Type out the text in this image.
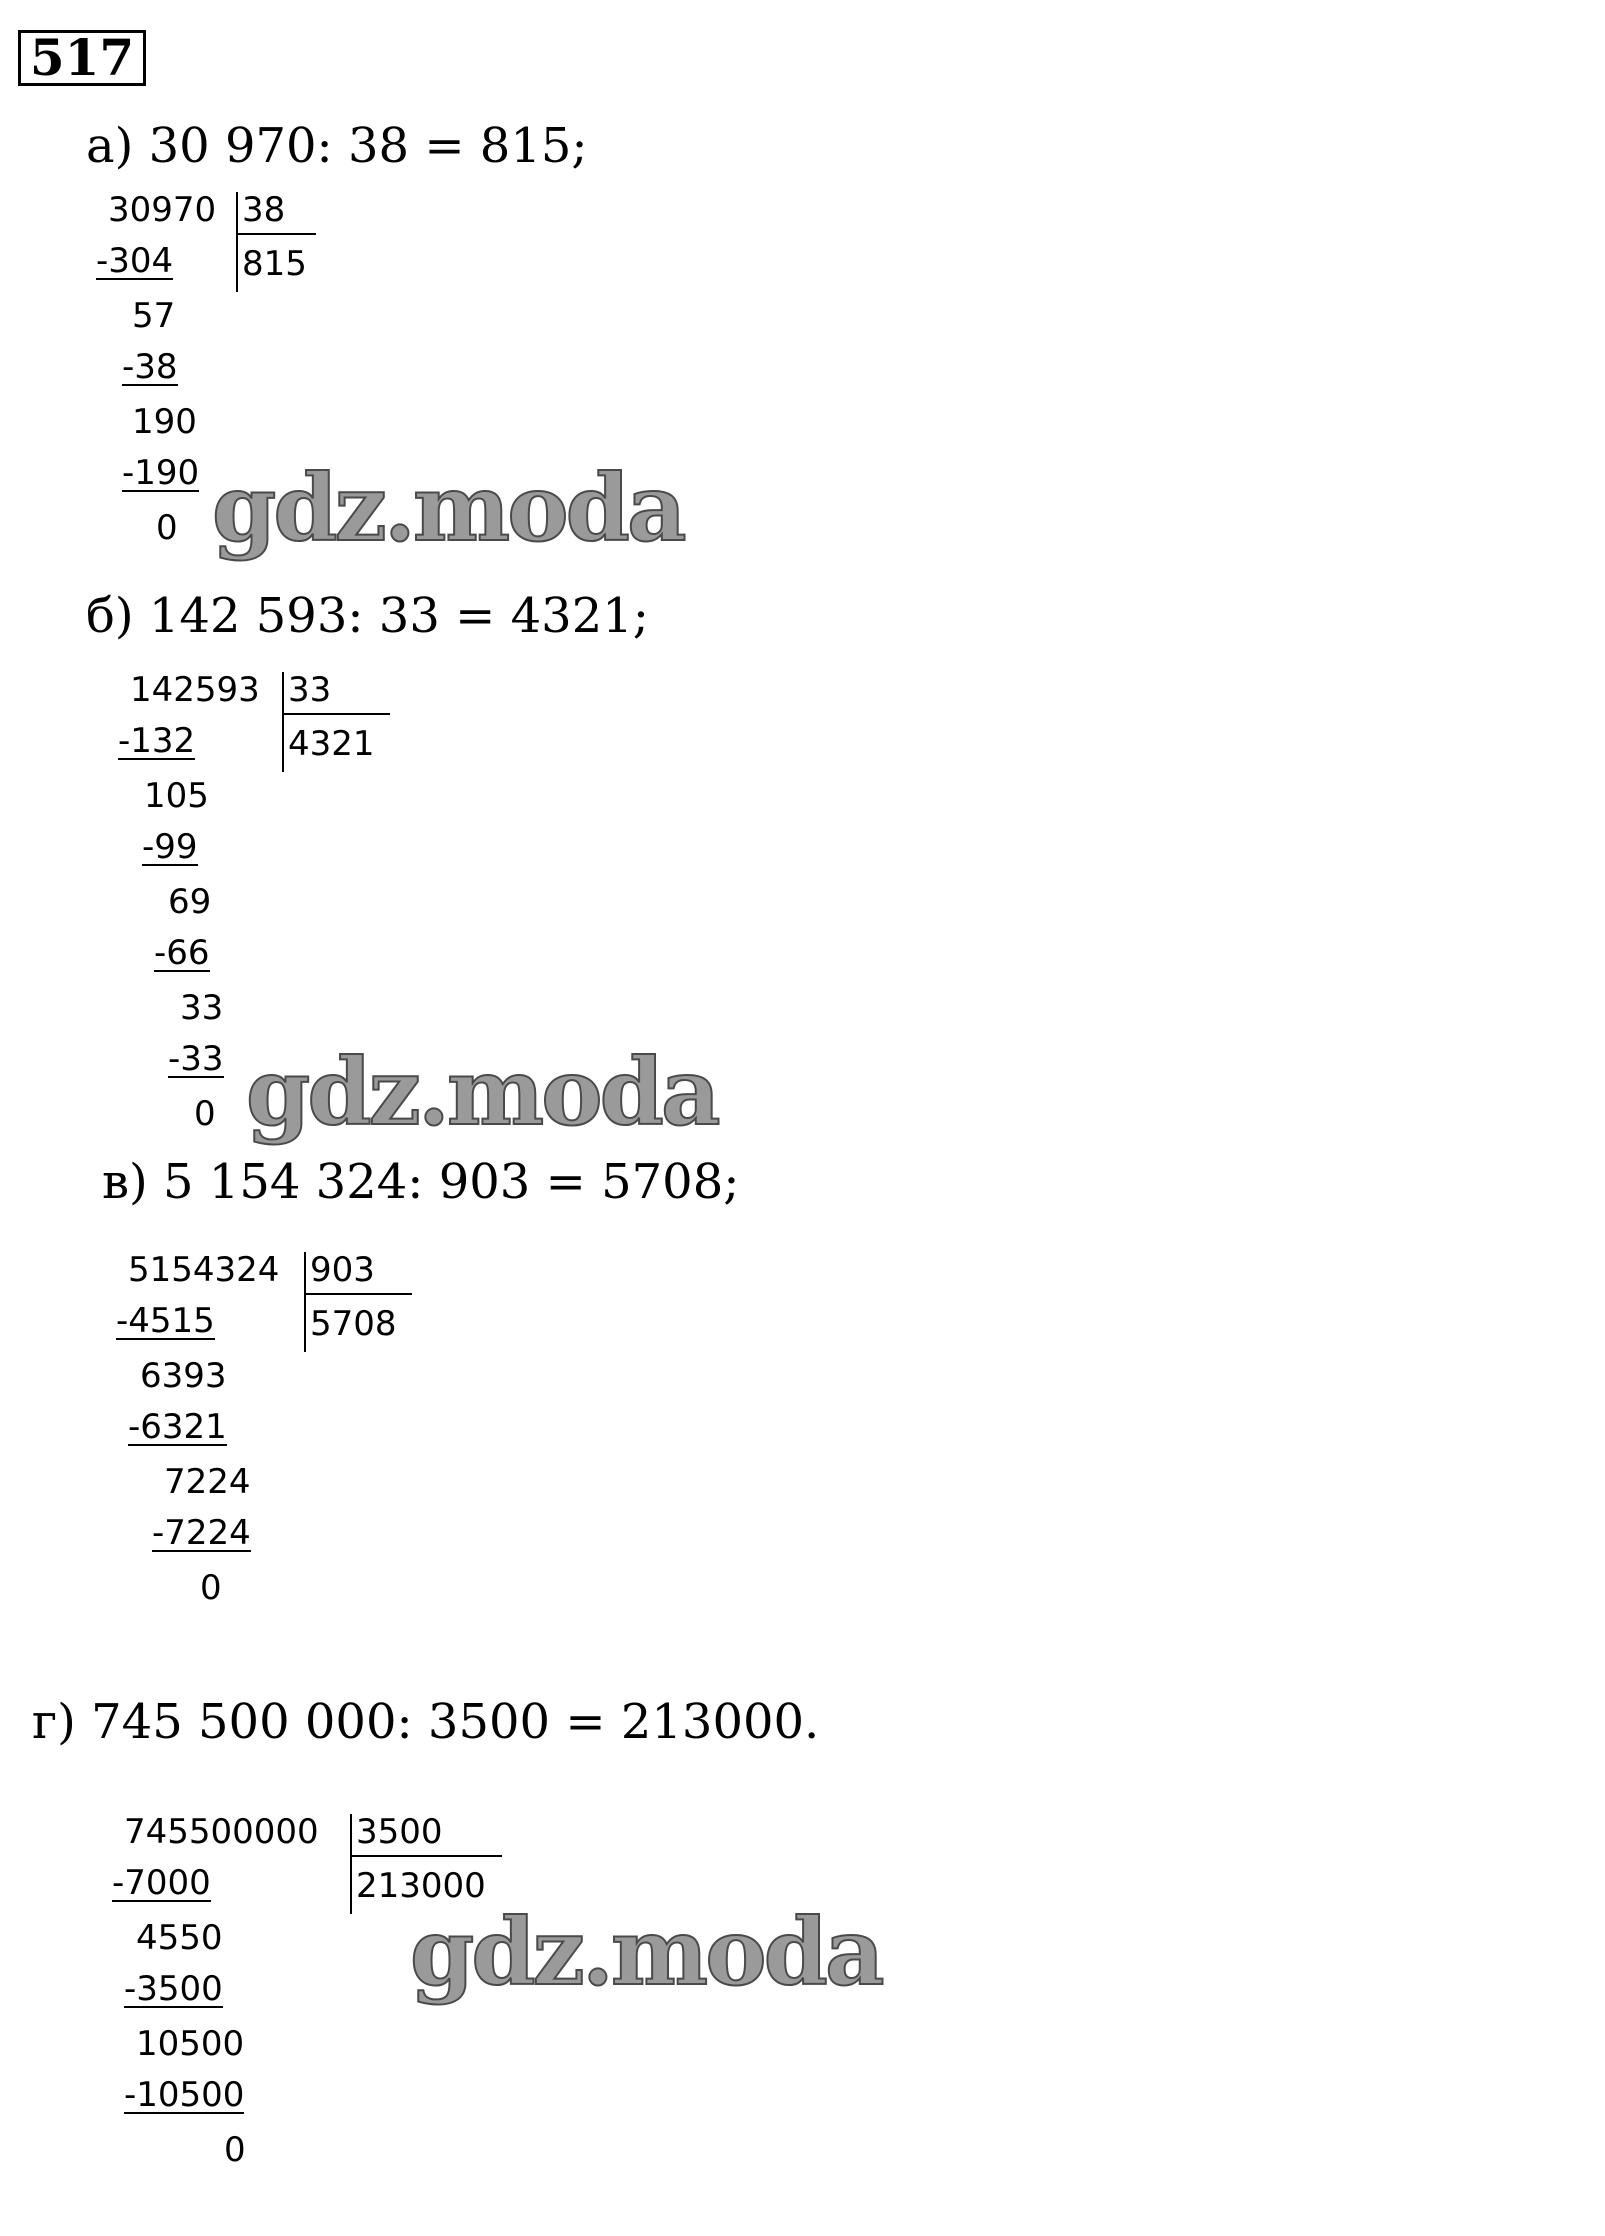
517
а) 30 970: 38 = 815;
30970 38
815
-304
57
-38
190
-190
0 gdz.moda
б) 142 593: 33 = 4321;
142593 33
4321
-132
105
-99
69
-66
33
-33
0 gdz.moda
в) 5 154 324: 903 = 5708;
5154324 903
5708
-4515
6393
-6321
7224
-7224
0
г) 745 500 000: 3500 = 213000.
745500000 3500
213000
-7000
4550
-3500
10500
-10500
0
gdz.moda
